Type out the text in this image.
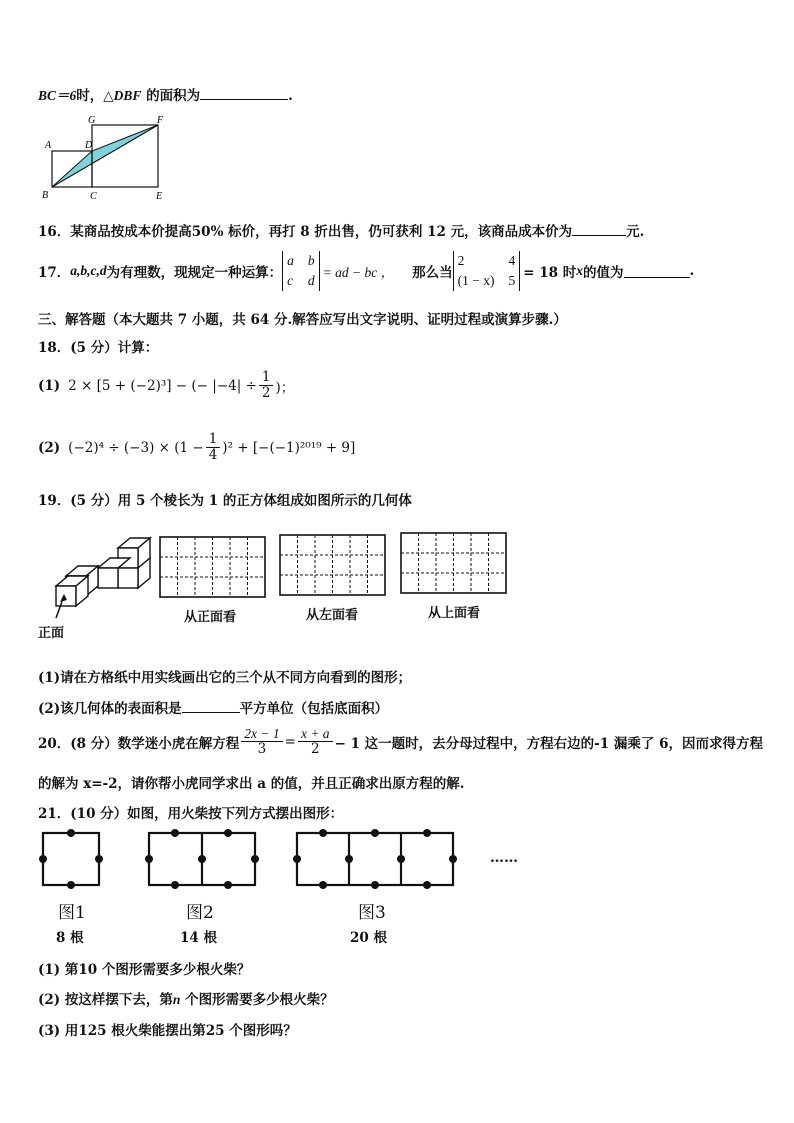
BC＝6时，△DBF 的面积为	.
A
B	C
D
E
F
G
16．某商品按成本价提高50% 标价，再打 8 折出售，仍可获利 12 元，该商品成本价为	元.
17． a,b,c,d 为有理数，现规定一种运算：
a b
c d
= ad − bc ， 那么当
2	4
(1 − x) 5 = 18 时 x 的值为	.
三、解答题（本大题共 7 小题，共 64 分.解答应写出文字说明、证明过程或演算步骤.）
18．(5 分）计算：
(1) 2 × [5 + (−2)³] − (− $|-4| \div \frac{1}{2}$ )；
(2) $(-2)^4 \div (-3) \times (1 - \frac{1}{4} )^2 + [-(-1)^{2019} + 9]$
19．(5 分）用 5 个棱长为 1 的正方体组成如图所示的几何体
正面
从正面看	从左面看	从上面看
(1)请在方格纸中用实线画出它的三个从不同方向看到的图形；
(2)该几何体的表面积是	平方单位（包括底面积）
20．(8 分）数学迷小虎在解方程 $\frac{2x - 1}{3} = \frac{x + a}{2} - 1$ 这一题时，去分母过程中，方程右边的-1 漏乘了 6，因而求得方程
的解为 x=-2，请你帮小虎同学求出 a 的值，并且正确求出原方程的解.
21．(10 分）如图，用火柴按下列方式摆出图形：
……
图1	图2	图3
8 根	14 根	20 根
(1) 第10 个图形需要多少根火柴？
(2) 按这样摆下去，第n 个图形需要多少根火柴？
(3) 用125 根火柴能摆出第25 个图形吗？
